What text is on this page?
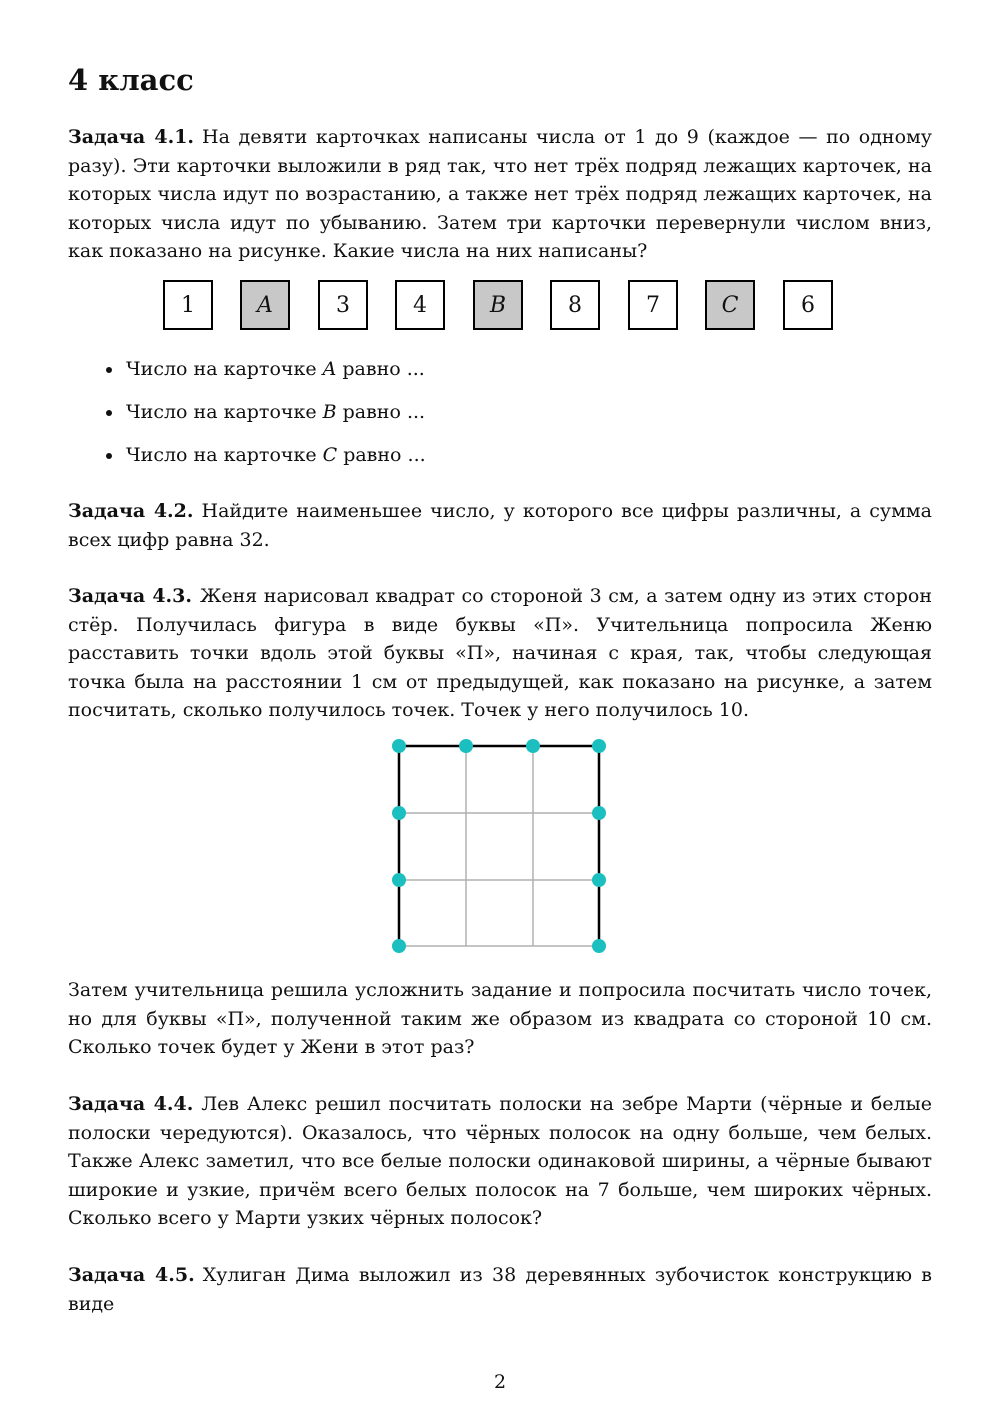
4 класс
Задача 4.1. На девяти карточках написаны числа от 1 до 9 (каждое — по одному разу). Эти карточки выложили в ряд так, что нет трёх подряд лежащих карточек, на которых числа идут по возрастанию, а также нет трёх подряд лежащих карточек, на которых числа идут по убыванию. Затем три карточки перевернули числом вниз, как показано на рисунке. Какие числа на них написаны?
1	A	3	4	B	8	7	C	6
Число на карточке A равно ...
Число на карточке B равно ...
Число на карточке C равно ...
Задача 4.2. Найдите наименьшее число, у которого все цифры различны, а сумма всех цифр равна 32.
Задача 4.3. Женя нарисовал квадрат со стороной 3 см, а затем одну из этих сторон стёр. Получилась фигура в виде буквы «П». Учительница попросила Женю расставить точки вдоль этой буквы «П», начиная с края, так, чтобы следующая точка была на расстоянии 1 см от предыдущей, как показано на рисунке, а затем посчитать, сколько получилось точек. Точек у него получилось 10.
Затем учительница решила усложнить задание и попросила посчитать число точек, но для буквы «П», полученной таким же образом из квадрата со стороной 10 см. Сколько точек будет у Жени в этот раз?
Задача 4.4. Лев Алекс решил посчитать полоски на зебре Марти (чёрные и белые полоски чередуются). Оказалось, что чёрных полосок на одну больше, чем белых. Также Алекс заметил, что все белые полоски одинаковой ширины, а чёрные бывают широкие и узкие, причём всего белых полосок на 7 больше, чем широких чёрных. Сколько всего у Марти узких чёрных полосок?
Задача 4.5. Хулиган Дима выложил из 38 деревянных зубочисток конструкцию в виде
2
